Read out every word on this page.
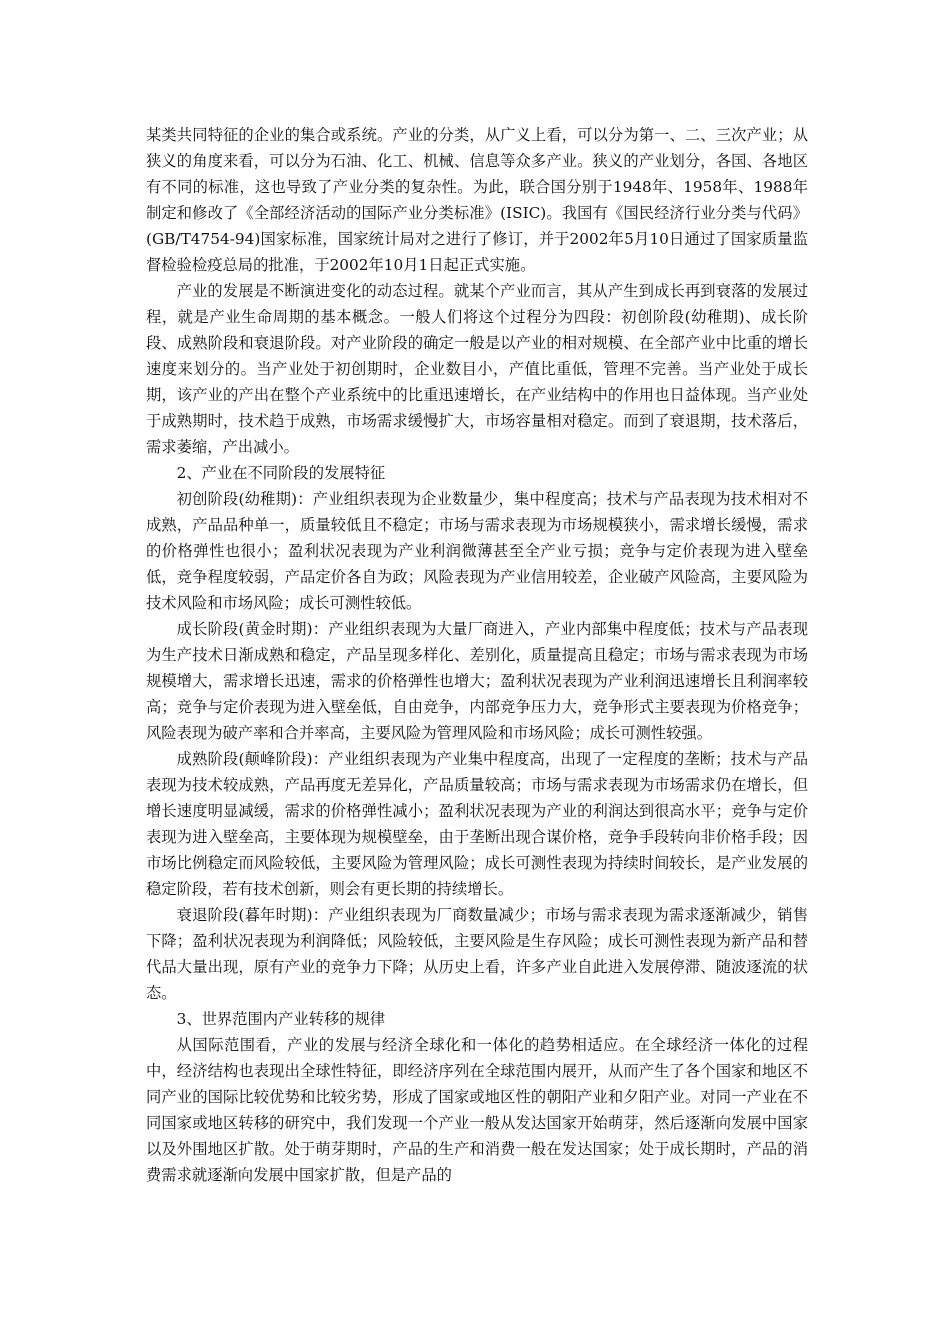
某类共同特征的企业的集合或系统。产业的分类，从广义上看，可以分为第一、二、三次产业；从狭义的角度来看，可以分为石油、化工、机械、信息等众多产业。狭义的产业划分，各国、各地区有不同的标准，这也导致了产业分类的复杂性。为此，联合国分别于1948年、1958年、1988年制定和修改了《全部经济活动的国际产业分类标准》(ISIC)。我国有《国民经济行业分类与代码》(GB/T4754-94)国家标准，国家统计局对之进行了修订，并于2002年5月10日通过了国家质量监督检验检疫总局的批准，于2002年10月1日起正式实施。

产业的发展是不断演进变化的动态过程。就某个产业而言，其从产生到成长再到衰落的发展过程，就是产业生命周期的基本概念。一般人们将这个过程分为四段：初创阶段(幼稚期)、成长阶段、成熟阶段和衰退阶段。对产业阶段的确定一般是以产业的相对规模、在全部产业中比重的增长速度来划分的。当产业处于初创期时，企业数目小，产值比重低，管理不完善。当产业处于成长期，该产业的产出在整个产业系统中的比重迅速增长，在产业结构中的作用也日益体现。当产业处于成熟期时，技术趋于成熟，市场需求缓慢扩大，市场容量相对稳定。而到了衰退期，技术落后，需求萎缩，产出减小。

2、产业在不同阶段的发展特征

初创阶段(幼稚期)：产业组织表现为企业数量少，集中程度高；技术与产品表现为技术相对不成熟，产品品种单一，质量较低且不稳定；市场与需求表现为市场规模狭小，需求增长缓慢，需求的价格弹性也很小；盈利状况表现为产业利润微薄甚至全产业亏损；竞争与定价表现为进入壁垒低，竞争程度较弱，产品定价各自为政；风险表现为产业信用较差，企业破产风险高，主要风险为技术风险和市场风险；成长可测性较低。

成长阶段(黄金时期)：产业组织表现为大量厂商进入，产业内部集中程度低；技术与产品表现为生产技术日渐成熟和稳定，产品呈现多样化、差别化，质量提高且稳定；市场与需求表现为市场规模增大，需求增长迅速，需求的价格弹性也增大；盈利状况表现为产业利润迅速增长且利润率较高；竞争与定价表现为进入壁垒低，自由竞争，内部竞争压力大，竞争形式主要表现为价格竞争；风险表现为破产率和合并率高，主要风险为管理风险和市场风险；成长可测性较强。

成熟阶段(颠峰阶段)：产业组织表现为产业集中程度高，出现了一定程度的垄断；技术与产品表现为技术较成熟，产品再度无差异化，产品质量较高；市场与需求表现为市场需求仍在增长，但增长速度明显减缓，需求的价格弹性减小；盈利状况表现为产业的利润达到很高水平；竞争与定价表现为进入壁垒高，主要体现为规模壁垒，由于垄断出现合谋价格，竞争手段转向非价格手段；因市场比例稳定而风险较低，主要风险为管理风险；成长可测性表现为持续时间较长，是产业发展的稳定阶段，若有技术创新，则会有更长期的持续增长。

衰退阶段(暮年时期)：产业组织表现为厂商数量减少；市场与需求表现为需求逐渐减少，销售下降；盈利状况表现为利润降低；风险较低，主要风险是生存风险；成长可测性表现为新产品和替代品大量出现，原有产业的竞争力下降；从历史上看，许多产业自此进入发展停滞、随波逐流的状态。

3、世界范围内产业转移的规律

从国际范围看，产业的发展与经济全球化和一体化的趋势相适应。在全球经济一体化的过程中，经济结构也表现出全球性特征，即经济序列在全球范围内展开，从而产生了各个国家和地区不同产业的国际比较优势和比较劣势，形成了国家或地区性的朝阳产业和夕阳产业。对同一产业在不同国家或地区转移的研究中，我们发现一个产业一般从发达国家开始萌芽，然后逐渐向发展中国家以及外围地区扩散。处于萌芽期时，产品的生产和消费一般在发达国家；处于成长期时，产品的消费需求就逐渐向发展中国家扩散，但是产品的
